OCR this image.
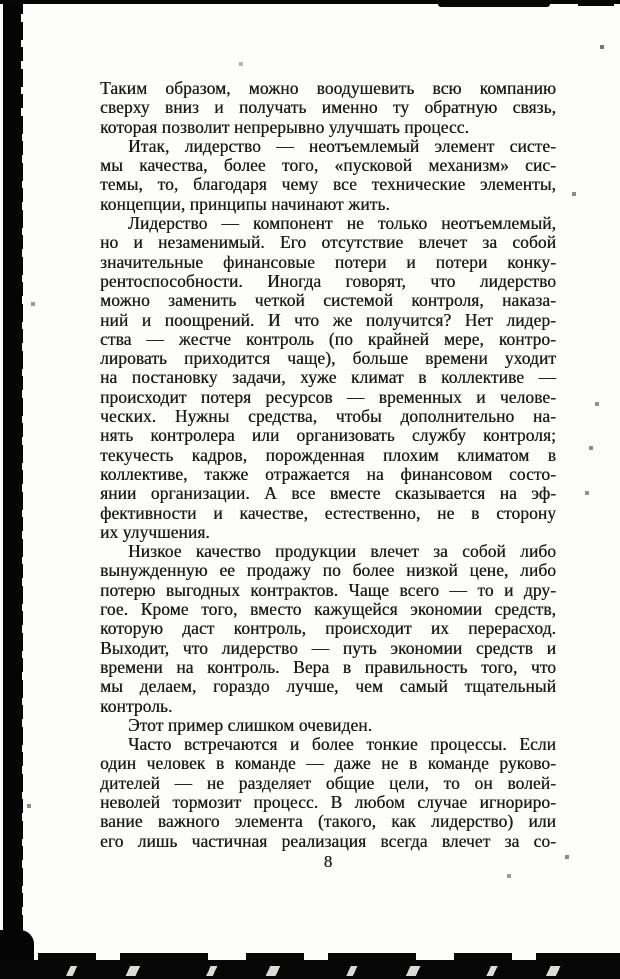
Таким образом, можно воодушевить всю компанию
сверху вниз и получать именно ту обратную связь,
которая позволит непрерывно улучшать процесс.
Итак, лидерство — неотъемлемый элемент систе-
мы качества, более того, «пусковой механизм» сис-
темы, то, благодаря чему все технические элементы,
концепции, принципы начинают жить.
Лидерство — компонент не только неотъемлемый,
но и незаменимый. Его отсутствие влечет за собой
значительные финансовые потери и потери конку-
рентоспособности. Иногда говорят, что лидерство
можно заменить четкой системой контроля, наказа-
ний и поощрений. И что же получится? Нет лидер-
ства — жестче контроль (по крайней мере, контро-
лировать приходится чаще), больше времени уходит
на постановку задачи, хуже климат в коллективе —
происходит потеря ресурсов — временных и челове-
ческих. Нужны средства, чтобы дополнительно на-
нять контролера или организовать службу контроля;
текучесть кадров, порожденная плохим климатом в
коллективе, также отражается на финансовом состо-
янии организации. А все вместе сказывается на эф-
фективности и качестве, естественно, не в сторону
их улучшения.
Низкое качество продукции влечет за собой либо
вынужденную ее продажу по более низкой цене, либо
потерю выгодных контрактов. Чаще всего — то и дру-
гое. Кроме того, вместо кажущейся экономии средств,
которую даст контроль, происходит их перерасход.
Выходит, что лидерство — путь экономии средств и
времени на контроль. Вера в правильность того, что
мы делаем, гораздо лучше, чем самый тщательный
контроль.
Этот пример слишком очевиден.
Часто встречаются и более тонкие процессы. Если
один человек в команде — даже не в команде руково-
дителей — не разделяет общие цели, то он волей-
неволей тормозит процесс. В любом случае игнориро-
вание важного элемента (такого, как лидерство) или
его лишь частичная реализация всегда влечет за со-
8
